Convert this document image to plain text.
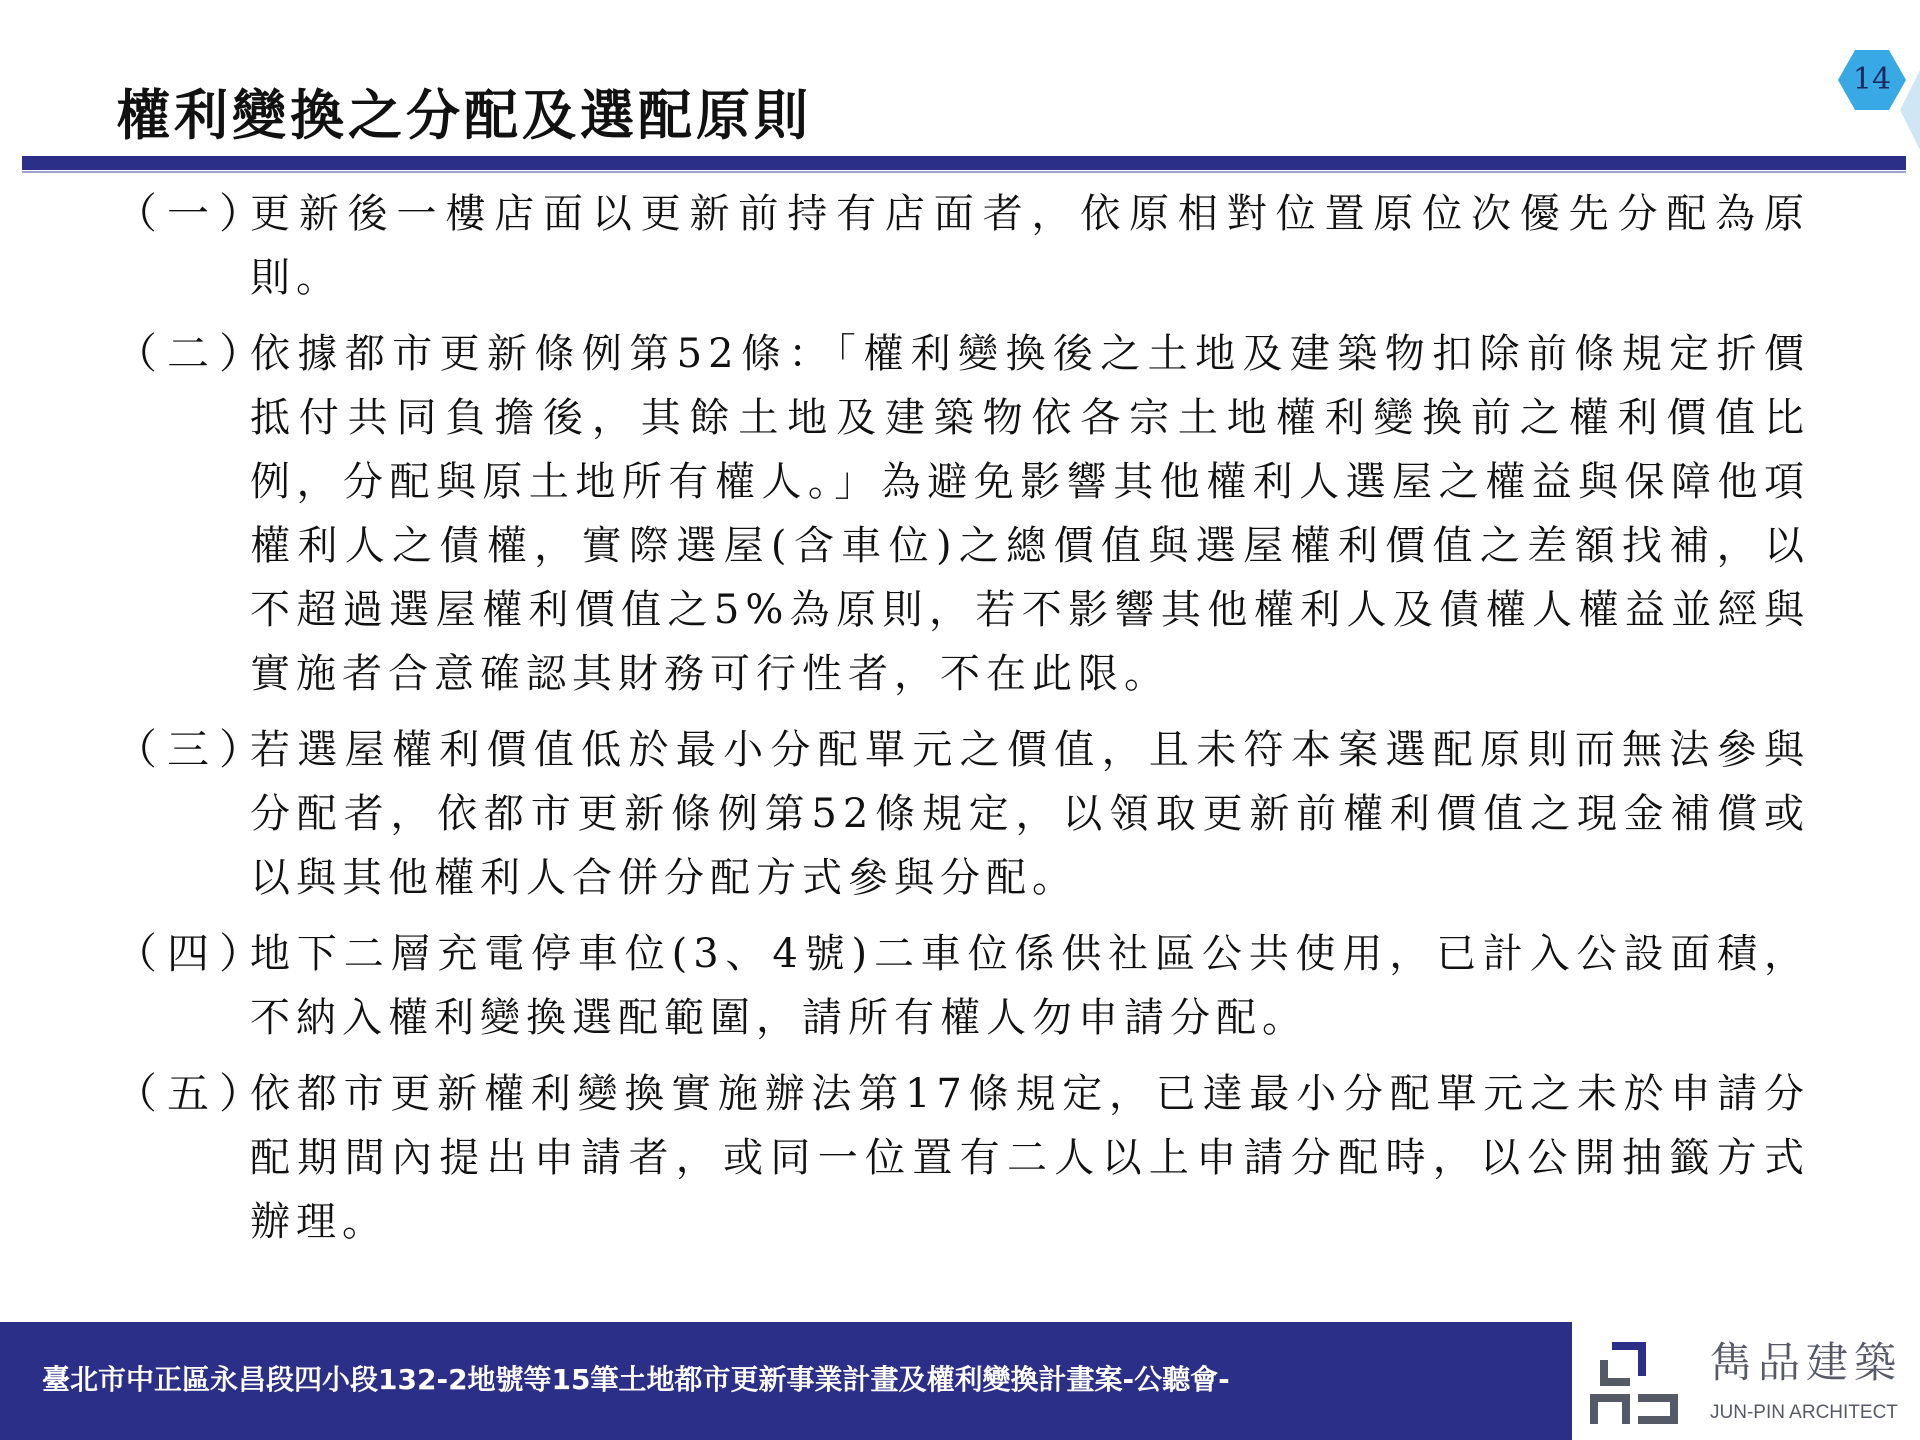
權利變換之分配及選配原則
14
（一）
更新後一樓店面以更新前持有店面者，依原相對位置原位次優先分配為原則。
（二）
依據都市更新條例第52條：「權利變換後之土地及建築物扣除前條規定折價抵付共同負擔後，其餘土地及建築物依各宗土地權利變換前之權利價值比例，分配與原土地所有權人。」為避免影響其他權利人選屋之權益與保障他項權利人之債權，實際選屋(含車位)之總價值與選屋權利價值之差額找補，以不超過選屋權利價值之5%為原則，若不影響其他權利人及債權人權益並經與實施者合意確認其財務可行性者，不在此限。
（三）
若選屋權利價值低於最小分配單元之價值，且未符本案選配原則而無法參與分配者，依都市更新條例第52條規定，以領取更新前權利價值之現金補償或以與其他權利人合併分配方式參與分配。
（四）
地下二層充電停車位(3、4號)二車位係供社區公共使用，已計入公設面積，不納入權利變換選配範圍，請所有權人勿申請分配。
（五）
依都市更新權利變換實施辦法第17條規定，已達最小分配單元之未於申請分配期間內提出申請者，或同一位置有二人以上申請分配時，以公開抽籤方式辦理。
臺北市中正區永昌段四小段132-2地號等15筆土地都市更新事業計畫及權利變換計畫案-公聽會-	雋品建築
JUN-PIN ARCHITECT
